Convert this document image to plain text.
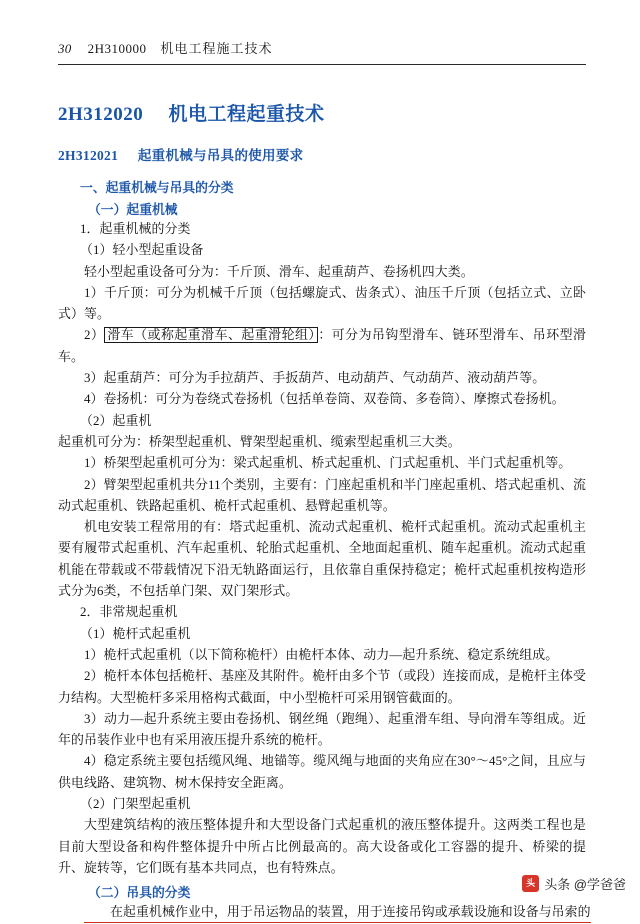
30 2H310000 机电工程施工技术
2H312020 机电工程起重技术
2H312021 起重机械与吊具的使用要求
一、起重机械与吊具的分类
（一）起重机械

1．起重机械的分类

（1）轻小型起重设备

轻小型起重设备可分为：千斤顶、滑车、起重葫芦、卷扬机四大类。

1）千斤顶：可分为机械千斤顶（包括螺旋式、齿条式）、油压千斤顶（包括立式、立卧式）等。

2） 滑车（或称起重滑车、起重滑轮组） ：可分为吊钩型滑车、链环型滑车、吊环型滑车。

3）起重葫芦：可分为手拉葫芦、手扳葫芦、电动葫芦、气动葫芦、液动葫芦等。

4）卷扬机：可分为卷绕式卷扬机（包括单卷筒、双卷筒、多卷筒）、摩擦式卷扬机。

（2）起重机

起重机可分为：桥架型起重机、臂架型起重机、缆索型起重机三大类。

1）桥架型起重机可分为：梁式起重机、桥式起重机、门式起重机、半门式起重机等。

2）臂架型起重机共分11个类别，主要有：门座起重机和半门座起重机、塔式起重机、流动式起重机、铁路起重机、桅杆式起重机、悬臂起重机等。

机电安装工程常用的有：塔式起重机、流动式起重机、桅杆式起重机。流动式起重机主要有履带式起重机、汽车起重机、轮胎式起重机、全地面起重机、随车起重机。流动式起重机能在带载或不带载情况下沿无轨路面运行，且依靠自重保持稳定；桅杆式起重机按构造形式分为6类，不包括单门架、双门架形式。

2．非常规起重机

（1）桅杆式起重机

1）桅杆式起重机（以下简称桅杆）由桅杆本体、动力—起升系统、稳定系统组成。

2）桅杆本体包括桅杆、基座及其附件。桅杆由多个节（或段）连接而成，是桅杆主体受力结构。大型桅杆多采用格构式截面，中小型桅杆可采用钢管截面的。

3）动力—起升系统主要由卷扬机、钢丝绳（跑绳）、起重滑车组、导向滑车等组成。近年的吊装作业中也有采用液压提升系统的桅杆。

4）稳定系统主要包括缆风绳、地锚等。缆风绳与地面的夹角应在30°～45°之间，且应与供电线路、建筑物、树木保持安全距离。

（2）门架型起重机

大型建筑结构的液压整体提升和大型设备门式起重机的液压整体提升。这两类工程也是目前大型设备和构件整体提升中所占比例最高的。高大设备或化工容器的提升、桥梁的提升、旋转等，它们既有基本共同点，也有特殊点。

（二）吊具的分类

在起重机械作业中，用于吊运物品的装置，用于连接吊钩或承载设施和设备与吊索的

头条
头条 @学爸爸
